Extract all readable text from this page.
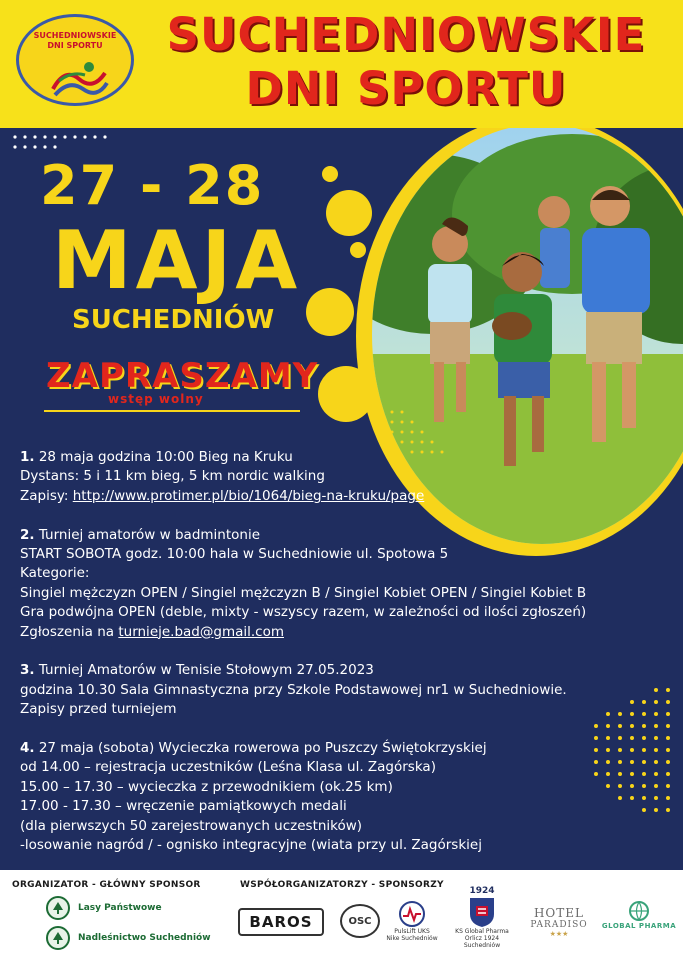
SUCHEDNIOWSKIE
DNI SPORTU	SUCHEDNIOWSKIE
DNI SPORTU
27 - 28
MAJA
SUCHEDNIÓW
ZAPRASZAMY
wstęp wolny
1. 28 maja godzina 10:00 Bieg na Kruku
Dystans: 5 i 11 km bieg, 5 km nordic walking
Zapisy: http://www.protimer.pl/bio/1064/bieg-na-kruku/page
2. Turniej amatorów w badmintonie
START SOBOTA godz. 10:00 hala w Suchedniowie ul. Spotowa 5
Kategorie:
Singiel mężczyzn OPEN / Singiel mężczyzn B / Singiel Kobiet OPEN / Singiel Kobiet B
Gra podwójna OPEN (deble, mixty - wszyscy razem, w zależności od ilości zgłoszeń)
Zgłoszenia na turnieje.bad@gmail.com
3. Turniej Amatorów w Tenisie Stołowym 27.05.2023
godzina 10.30 Sala Gimnastyczna przy Szkole Podstawowej nr1 w Suchedniowie.
Zapisy przed turniejem
4. 27 maja (sobota) Wycieczka rowerowa po Puszczy Świętokrzyskiej
od 14.00 – rejestracja uczestników (Leśna Klasa ul. Zagórska)
15.00 – 17.30 – wycieczka z przewodnikiem (ok.25 km)
17.00 - 17.30 – wręczenie pamiątkowych medali
(dla pierwszych 50 zarejestrowanych uczestników)
-losowanie nagród / - ognisko integracyjne (wiata przy ul. Zagórskiej
ORGANIZATOR - GŁÓWNY SPONSOR	WSPÓŁORGANIZATORZY - SPONSORZY
Lasy Państwowe
Nadleśnictwo Suchedniów
BAROS	OSC
PulsLift UKS
Nike Suchedniów
1924
KS Global Pharma
Orlicz 1924 Suchedniów
HOTEL
PARADISO
★★★
GLOBAL PHARMA
